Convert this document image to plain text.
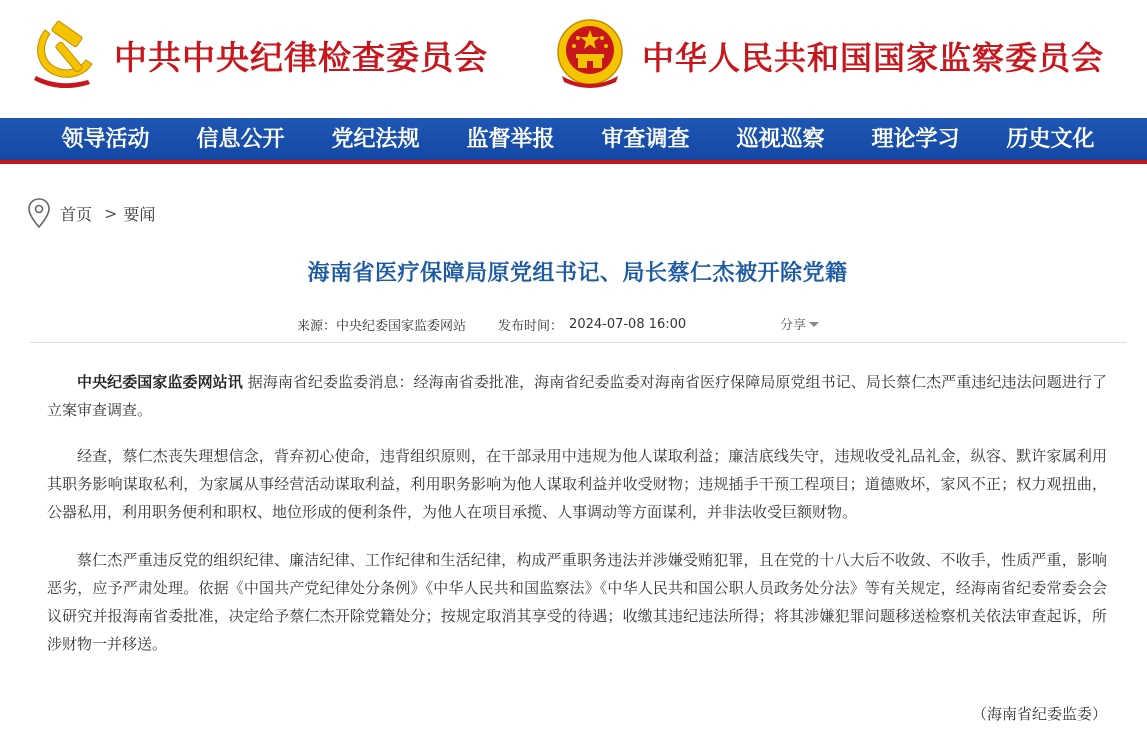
中共中央纪律检查委员会	中华人民共和国国家监察委员会
领导活动	信息公开	党纪法规	监督举报	审查调查	巡视巡察	理论学习	历史文化
首页 > 要闻
海南省医疗保障局原党组书记、局长蔡仁杰被开除党籍
来源： 中央纪委国家监委网站 发布时间： 2024-07-08 16:00	分享

中央纪委国家监委网站讯 据海南省纪委监委消息：经海南省委批准，海南省纪委监委对海南省医疗保障局原党组书记、局长蔡仁杰严重违纪违法问题进行了立案审查调查。

经查，蔡仁杰丧失理想信念，背弃初心使命，违背组织原则，在干部录用中违规为他人谋取利益；廉洁底线失守，违规收受礼品礼金，纵容、默许家属利用其职务影响谋取私利，为家属从事经营活动谋取利益，利用职务影响为他人谋取利益并收受财物；违规插手干预工程项目；道德败坏，家风不正；权力观扭曲，公器私用，利用职务便利和职权、地位形成的便利条件，为他人在项目承揽、人事调动等方面谋利，并非法收受巨额财物。

蔡仁杰严重违反党的组织纪律、廉洁纪律、工作纪律和生活纪律，构成严重职务违法并涉嫌受贿犯罪，且在党的十八大后不收敛、不收手，性质严重，影响恶劣，应予严肃处理。依据《中国共产党纪律处分条例》《中华人民共和国监察法》《中华人民共和国公职人员政务处分法》等有关规定，经海南省纪委常委会会议研究并报海南省委批准，决定给予蔡仁杰开除党籍处分；按规定取消其享受的待遇；收缴其违纪违法所得；将其涉嫌犯罪问题移送检察机关依法审查起诉，所涉财物一并移送。

（海南省纪委监委）
